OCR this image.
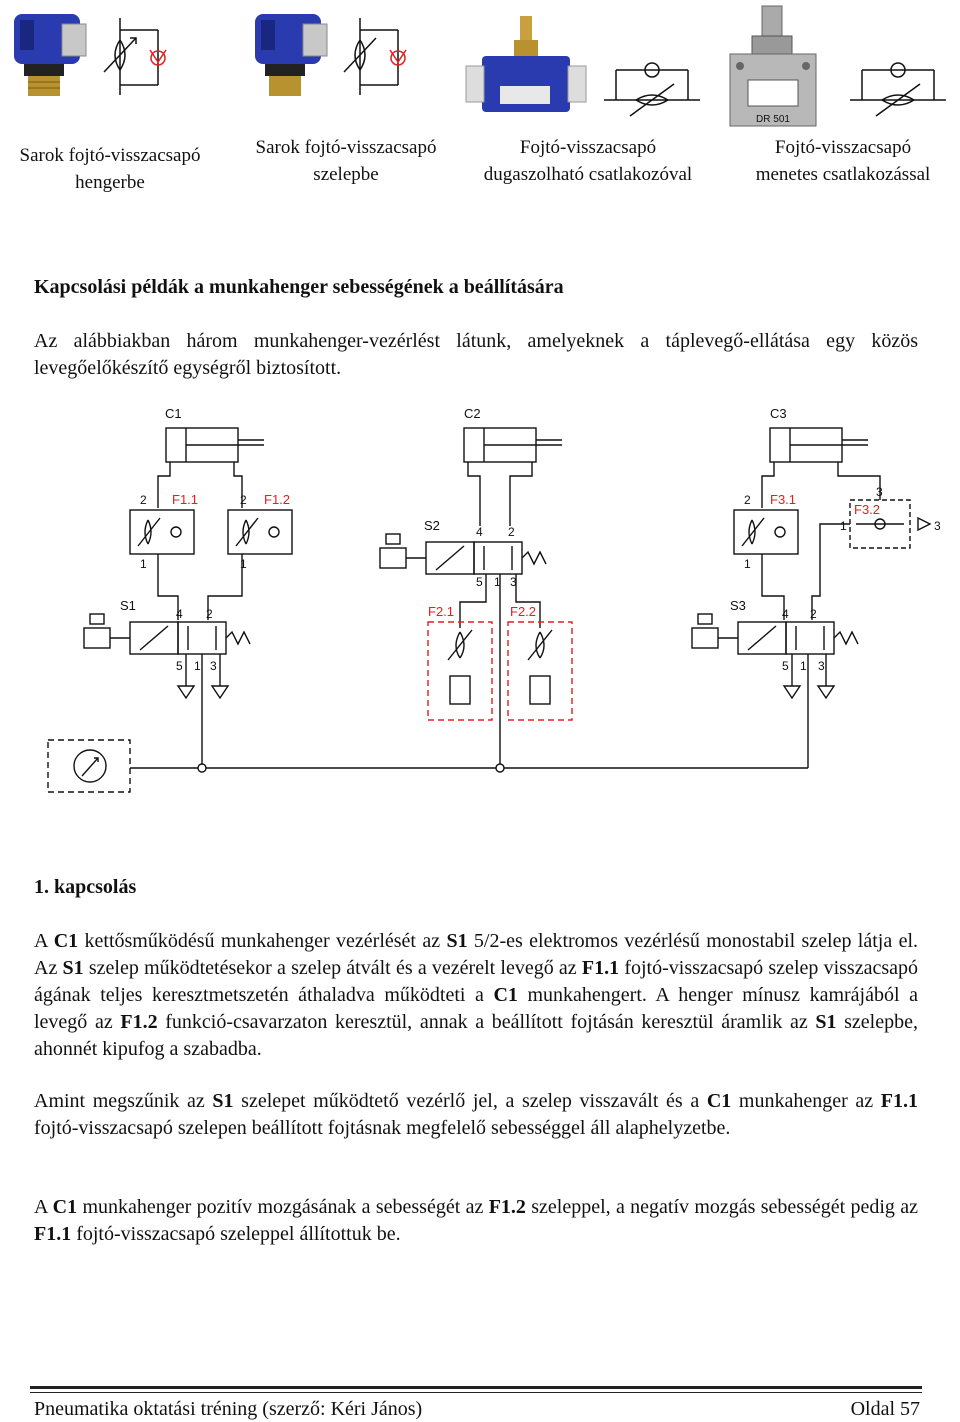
DR 501
Sarok fojtó-visszacsapó
hengerbe
Sarok fojtó-visszacsapó
szelepbe
Fojtó-visszacsapó
dugaszolható csatlakozóval
Fojtó-visszacsapó
menetes csatlakozással
Kapcsolási példák a munkahenger sebességének a beállítására
Az alábbiakban három munkahenger-vezérlést látunk, amelyeknek a táplevegő-ellátása egy közös levegőelőkészítő egységről biztosított.
C1	C2	C3
2 F1.1	2 F1.2
1	1
S1
4 2
5 1 3
S2	4 2
5 1 3
F2.1	F2.2
2 F3.1	3
F3.2
1	3
1
S3
4 2
5 1 3
1. kapcsolás
A C1 kettősműködésű munkahenger vezérlését az S1 5/2-es elektromos vezérlésű monostabil szelep látja el. Az S1 szelep működtetésekor a szelep átvált és a vezérelt levegő az F1.1 fojtó-visszacsapó szelep visszacsapó ágának teljes keresztmetszetén áthaladva működteti a C1 munkahengert. A henger mínusz kamrájából a levegő az F1.2 funkció-csavarzaton keresztül, annak a beállított fojtásán keresztül áramlik az S1 szelepbe, ahonnét kipufog a szabadba.
Amint megszűnik az S1 szelepet működtető vezérlő jel, a szelep visszavált és a C1 munkahenger az F1.1 fojtó-visszacsapó szelepen beállított fojtásnak megfelelő sebességgel áll alaphelyzetbe.
A C1 munkahenger pozitív mozgásának a sebességét az F1.2 szeleppel, a negatív mozgás sebességét pedig az F1.1 fojtó-visszacsapó szeleppel állítottuk be.
Pneumatika oktatási tréning (szerző: Kéri János)	Oldal 57
